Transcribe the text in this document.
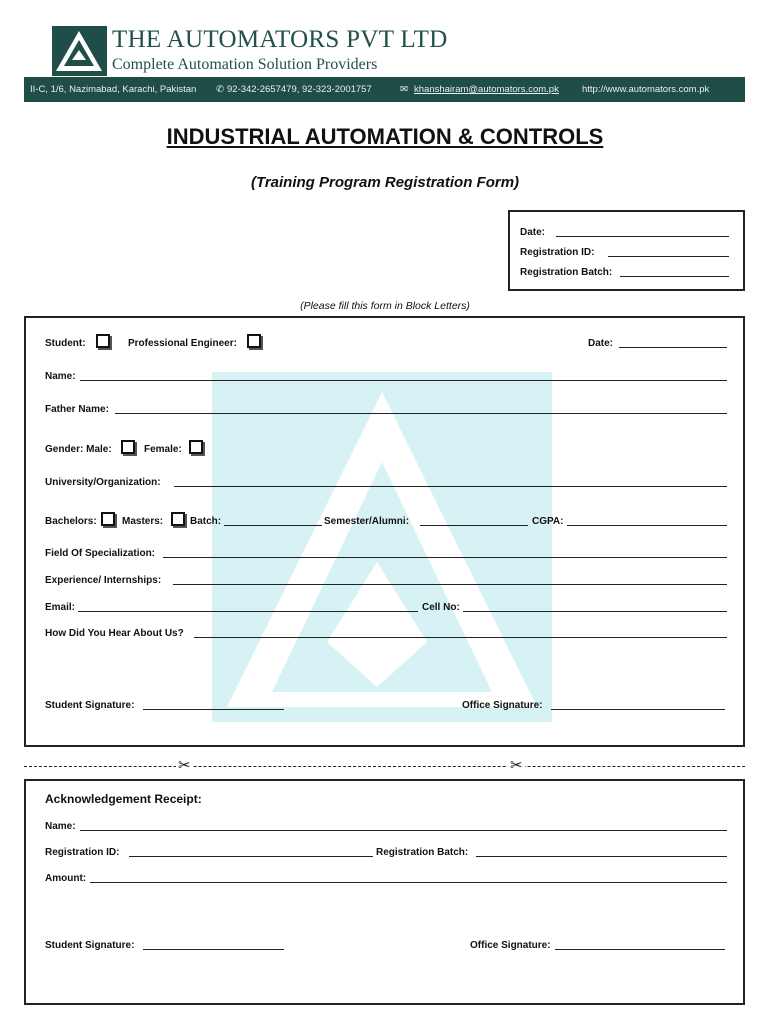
THE AUTOMATORS PVT LTD
Complete Automation Solution Providers
II-C, 1/6, Nazimabad, Karachi, Pakistan ✆ 92-342-2657479, 92-323-2001757	✉ khanshairam@automators.com.pk http://www.automators.com.pk
INDUSTRIAL AUTOMATION & CONTROLS
(Training Program Registration Form)
Date:
Registration ID:
Registration Batch:
(Please fill this form in Block Letters)
Student:	Professional Engineer:	Date:
Name:
Father Name:
Gender: Male:	Female:
University/Organization:
Bachelors:	Masters:	Batch:	Semester/Alumni:	CGPA:
Field Of Specialization:
Experience/ Internships:
Email:	Cell No:
How Did You Hear About Us?
Student Signature:	Office Signature:
✂	✂
Acknowledgement Receipt:
Name:
Registration ID:	Registration Batch:
Amount:
Student Signature:	Office Signature:
